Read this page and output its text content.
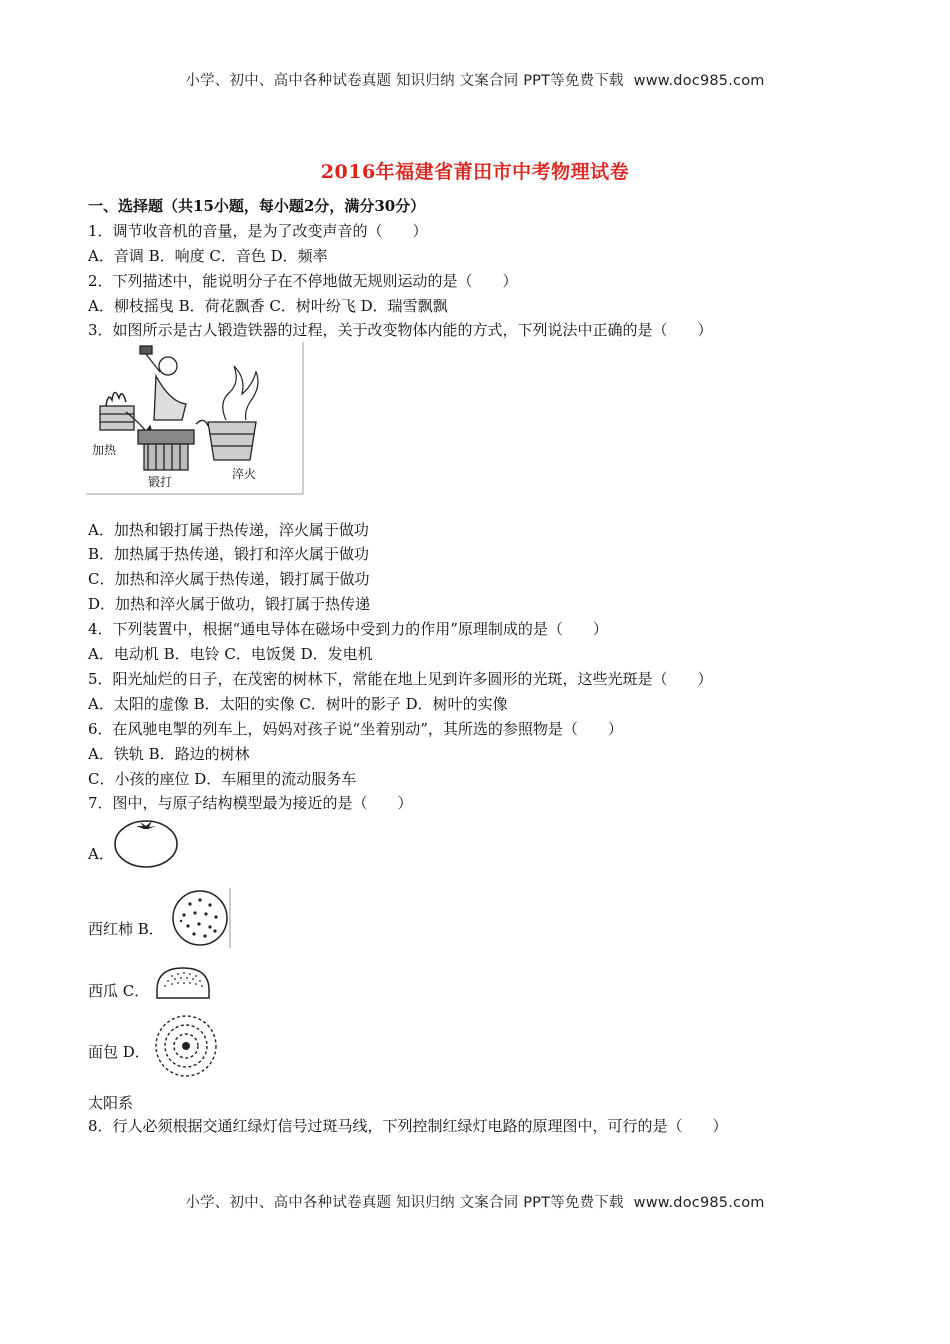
小学、初中、高中各种试卷真题 知识归纳 文案合同 PPT等免费下载 www.doc985.com
2016年福建省莆田市中考物理试卷
一、选择题（共15小题，每小题2分，满分30分）
1．调节收音机的音量，是为了改变声音的（　　）
A．音调 B．响度 C．音色 D．频率
2．下列描述中，能说明分子在不停地做无规则运动的是（　　）
A．柳枝摇曳 B．荷花飘香 C．树叶纷飞 D．瑞雪飘飘
3．如图所示是古人锻造铁器的过程，关于改变物体内能的方式，下列说法中正确的是（　　）
加热
锻打
淬火
A．加热和锻打属于热传递，淬火属于做功
B．加热属于热传递，锻打和淬火属于做功
C．加热和淬火属于热传递，锻打属于做功
D．加热和淬火属于做功，锻打属于热传递
4．下列装置中，根据“通电导体在磁场中受到力的作用”原理制成的是（　　）
A．电动机 B．电铃 C．电饭煲 D．发电机
5．阳光灿烂的日子，在茂密的树林下，常能在地上见到许多圆形的光斑，这些光斑是（　　）
A．太阳的虚像 B．太阳的实像 C．树叶的影子 D．树叶的实像
6．在风驰电掣的列车上，妈妈对孩子说“坐着别动”，其所选的参照物是（　　）
A．铁轨 B．路边的树林
C．小孩的座位 D．车厢里的流动服务车
7．图中，与原子结构模型最为接近的是（　　）
A．
西红柿 B．
西瓜 C．
面包 D．
太阳系
8．行人必须根据交通红绿灯信号过斑马线，下列控制红绿灯电路的原理图中，可行的是（　　）
小学、初中、高中各种试卷真题 知识归纳 文案合同 PPT等免费下载 www.doc985.com
